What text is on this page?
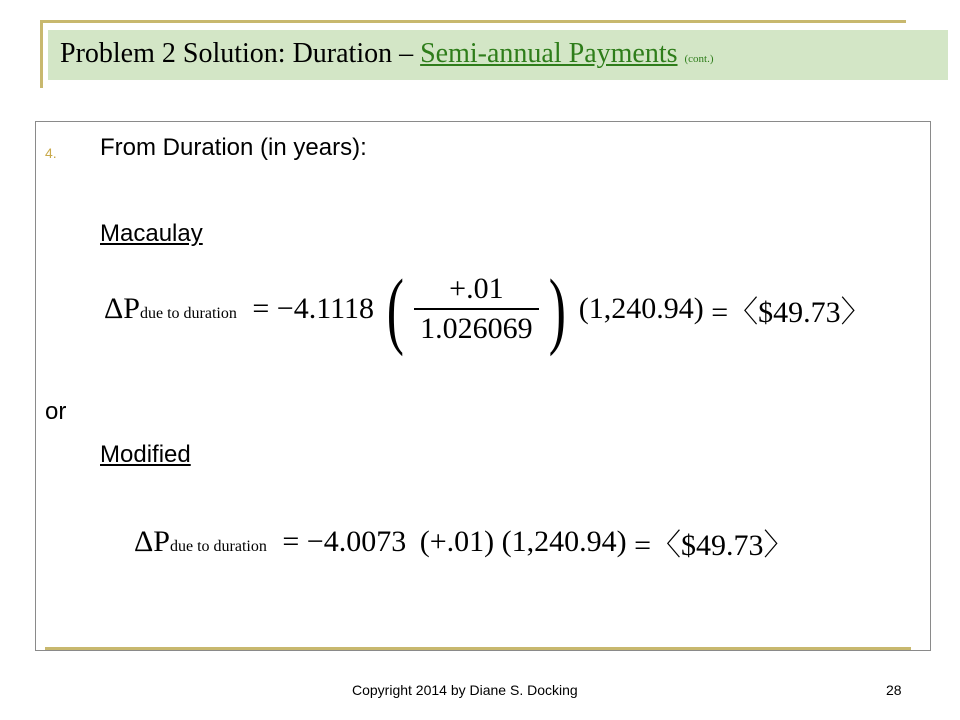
Problem 2 Solution: Duration – Semi-annual Payments (cont.)
4. From Duration (in years):
Macaulay
ΔPdue to duration = −4.1118 ( $\frac{+.01}{1.026069}$ ) (1,240.94) =〈$49.73〉
or
Modified
ΔPdue to duration = −4.0073 (+.01) (1,240.94) =〈$49.73〉
Copyright 2014 by Diane S. Docking	28
